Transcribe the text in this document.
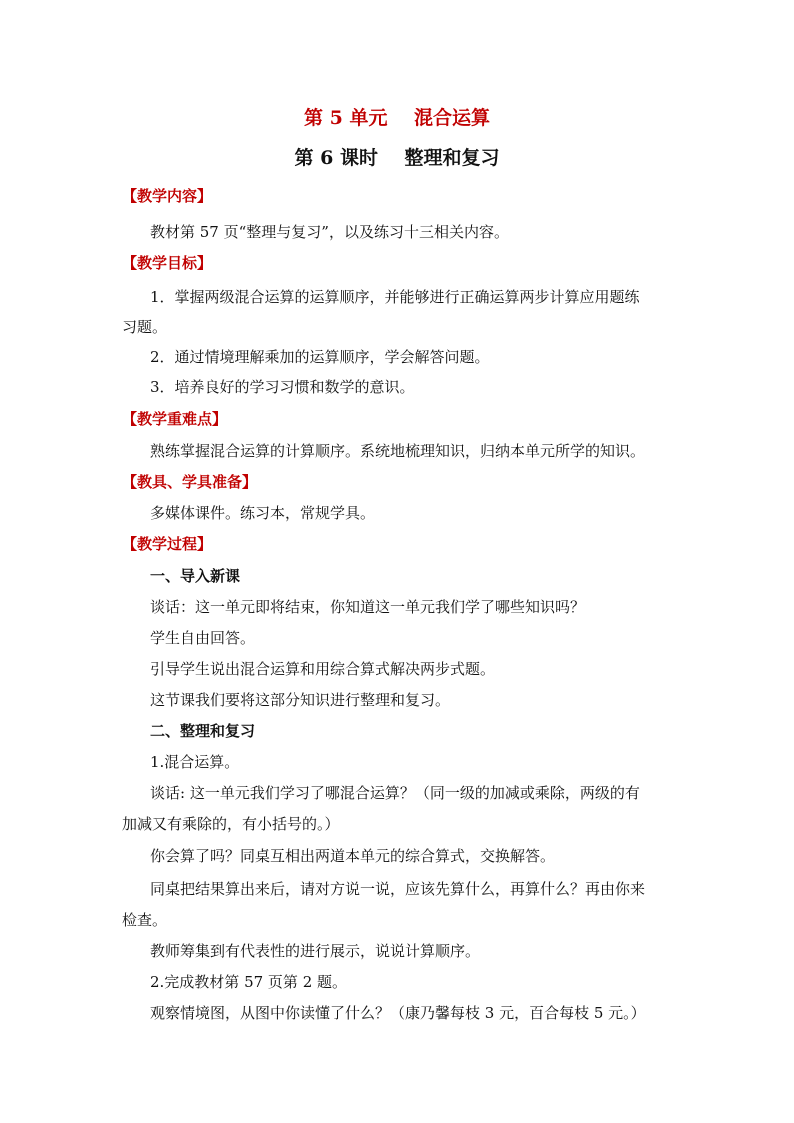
第 5 单元    混合运算
第 6 课时    整理和复习
【教学内容】
教材第 57 页“整理与复习”，以及练习十三相关内容。
【教学目标】
1．掌握两级混合运算的运算顺序，并能够进行正确运算两步计算应用题练
习题。
2．通过情境理解乘加的运算顺序，学会解答问题。
3．培养良好的学习习惯和数学的意识。
【教学重难点】
熟练掌握混合运算的计算顺序。系统地梳理知识，归纳本单元所学的知识。
【教具、学具准备】
多媒体课件。练习本，常规学具。
【教学过程】
一、导入新课
谈话：这一单元即将结束，你知道这一单元我们学了哪些知识吗？
学生自由回答。
引导学生说出混合运算和用综合算式解决两步式题。
这节课我们要将这部分知识进行整理和复习。
二、整理和复习
1.混合运算。
谈话: 这一单元我们学习了哪混合运算？（同一级的加减或乘除，两级的有
加减又有乘除的，有小括号的。）
你会算了吗？同桌互相出两道本单元的综合算式，交换解答。
同桌把结果算出来后，请对方说一说，应该先算什么，再算什么？再由你来
检查。
教师筹集到有代表性的进行展示，说说计算顺序。
2.完成教材第 57 页第 2 题。
观察情境图，从图中你读懂了什么？（康乃馨每枝 3 元，百合每枝 5 元。）
